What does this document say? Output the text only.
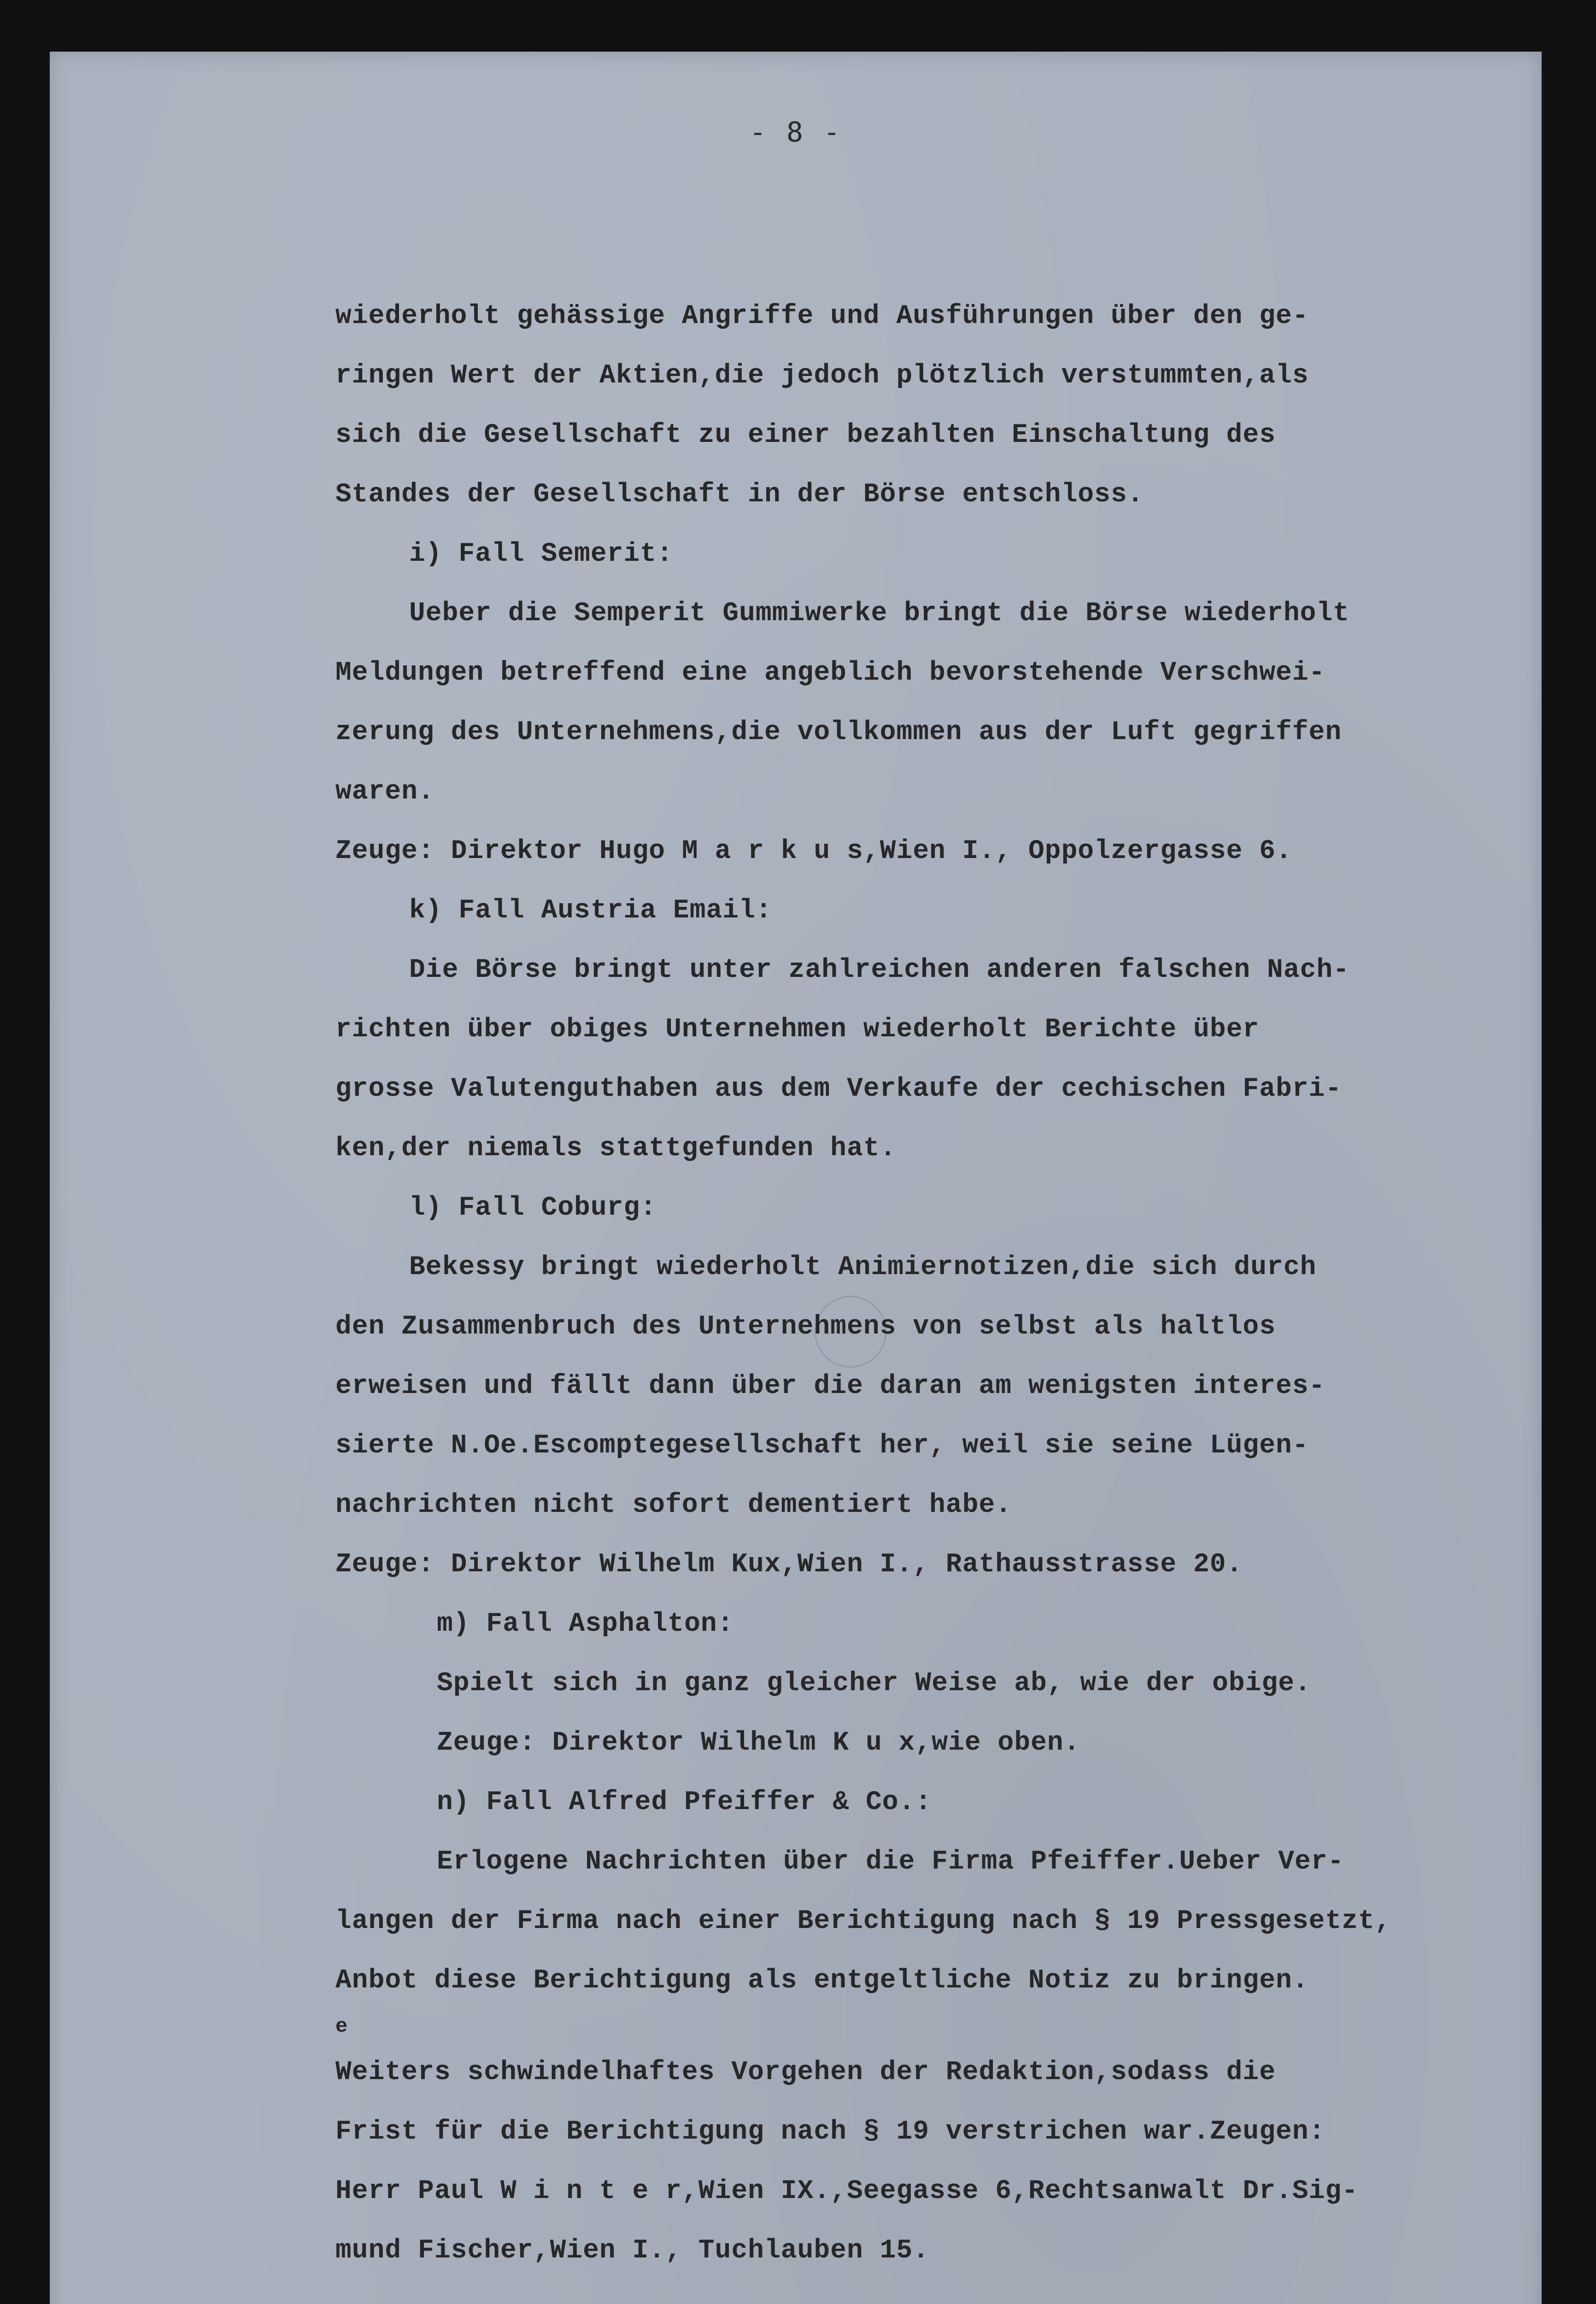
- 8 -
wiederholt gehässige Angriffe und Ausführungen über den ge-
ringen Wert der Aktien,die jedoch plötzlich verstummten,als
sich die Gesellschaft zu einer bezahlten Einschaltung des
Standes der Gesellschaft in der Börse entschloss.
i) Fall Semerit:
Ueber die Semperit Gummiwerke bringt die Börse wiederholt
Meldungen betreffend eine angeblich bevorstehende Verschwei-
zerung des Unternehmens,die vollkommen aus der Luft gegriffen
waren.
Zeuge: Direktor Hugo M a r k u s,Wien I., Oppolzergasse 6.
k) Fall Austria Email:
Die Börse bringt unter zahlreichen anderen falschen Nach-
richten über obiges Unternehmen wiederholt Berichte über
grosse Valutenguthaben aus dem Verkaufe der cechischen Fabri-
ken,der niemals stattgefunden hat.
l) Fall Coburg:
Bekessy bringt wiederholt Animiernotizen,die sich durch
den Zusammenbruch des Unternehmens von selbst als haltlos
erweisen und fällt dann über die daran am wenigsten interes-
sierte N.Oe.Escomptegesellschaft her, weil sie seine Lügen-
nachrichten nicht sofort dementiert habe.
Zeuge: Direktor Wilhelm Kux,Wien I., Rathausstrasse 20.
m) Fall Asphalton:
Spielt sich in ganz gleicher Weise ab, wie der obige.
Zeuge: Direktor Wilhelm K u x,wie oben.
n) Fall Alfred Pfeiffer & Co.:
Erlogene Nachrichten über die Firma Pfeiffer.Ueber Ver-
langen der Firma nach einer Berichtigung nach § 19 Pressgesetzt,
Anbot diese Berichtigung als entgeltliche Notiz zu bringen.
e
Weiters schwindelhaftes Vorgehen der Redaktion,sodass die
Frist für die Berichtigung nach § 19 verstrichen war.Zeugen:
Herr Paul W i n t e r,Wien IX.,Seegasse 6,Rechtsanwalt Dr.Sig-
mund Fischer,Wien I., Tuchlauben 15.
